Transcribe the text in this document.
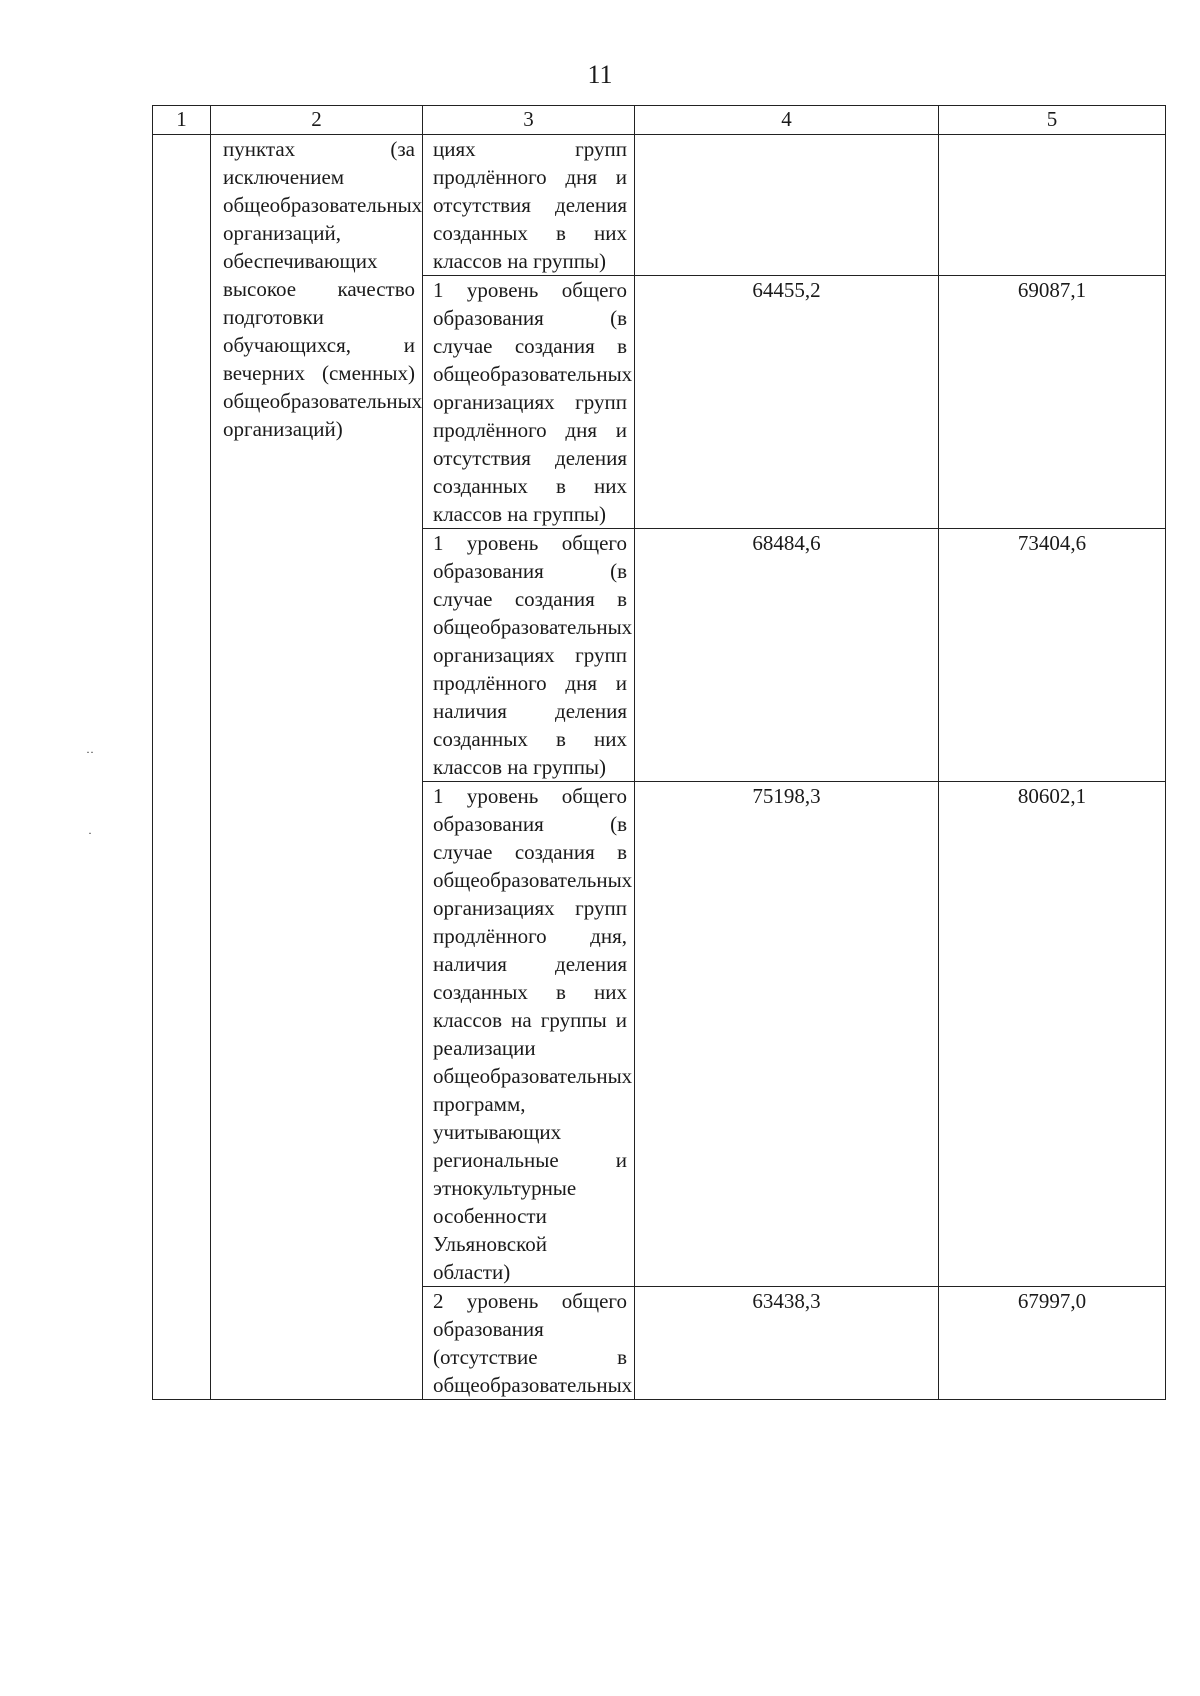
11
1	2	3	4	5
	пунктах (за исключением общеобразовательных организаций, обеспечивающих высокое качество подготовки обучающихся, и вечерних (сменных) общеобразовательных организаций)	циях групп продлённого дня и отсутствия деления созданных в них классов на группы)		
		1 уровень общего образования (в случае создания в общеобразовательных организациях групп продлённого дня и отсутствия деления созданных в них классов на группы)	64455,2	69087,1
		1 уровень общего образования (в случае создания в общеобразовательных организациях групп продлённого дня и наличия деления созданных в них классов на группы)	68484,6	73404,6
		1 уровень общего образования (в случае создания в общеобразовательных организациях групп продлённого дня, наличия деления созданных в них классов на группы и реализации общеобразовательных программ, учитывающих региональные и этнокультурные особенности Ульяновской области)	75198,3	80602,1
		2 уровень общего образования (отсутствие в общеобразовательных	63438,3	67997,0
··
·
